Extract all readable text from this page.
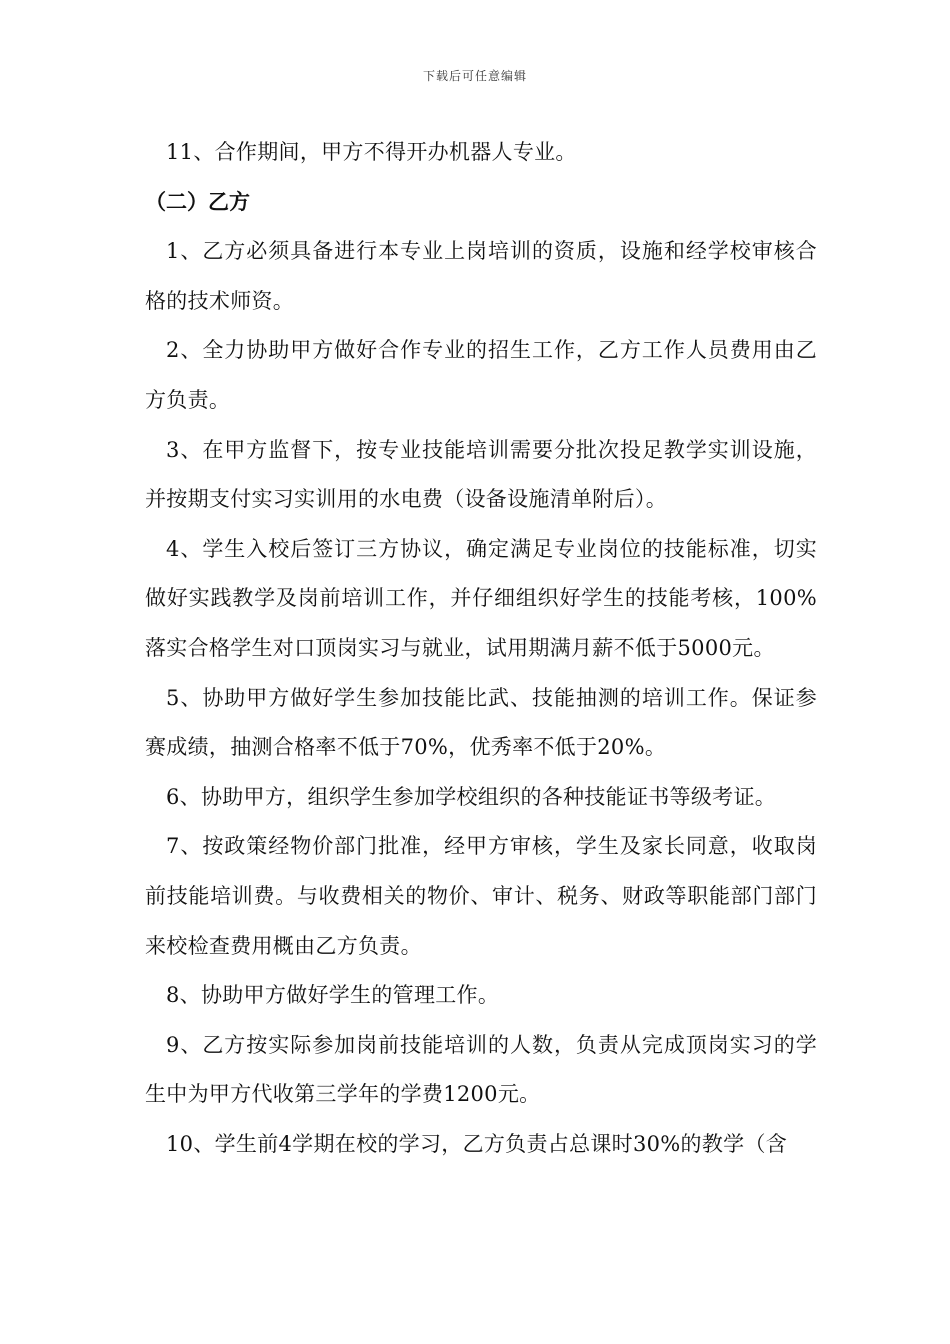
下载后可任意编辑

11、合作期间，甲方不得开办机器人专业。

（二）乙方

1、乙方必须具备进行本专业上岗培训的资质，设施和经学校审核合格的技术师资。

2、全力协助甲方做好合作专业的招生工作，乙方工作人员费用由乙方负责。

3、在甲方监督下，按专业技能培训需要分批次投足教学实训设施，并按期支付实习实训用的水电费（设备设施清单附后）。

4、学生入校后签订三方协议，确定满足专业岗位的技能标准，切实做好实践教学及岗前培训工作，并仔细组织好学生的技能考核，100%落实合格学生对口顶岗实习与就业，试用期满月薪不低于5000元。

5、协助甲方做好学生参加技能比武、技能抽测的培训工作。保证参赛成绩，抽测合格率不低于70%，优秀率不低于20%。

6、协助甲方，组织学生参加学校组织的各种技能证书等级考证。

7、按政策经物价部门批准，经甲方审核，学生及家长同意，收取岗前技能培训费。与收费相关的物价、审计、税务、财政等职能部门部门来校检查费用概由乙方负责。

8、协助甲方做好学生的管理工作。

9、乙方按实际参加岗前技能培训的人数，负责从完成顶岗实习的学生中为甲方代收第三学年的学费1200元。

10、学生前4学期在校的学习，乙方负责占总课时30%的教学（含
